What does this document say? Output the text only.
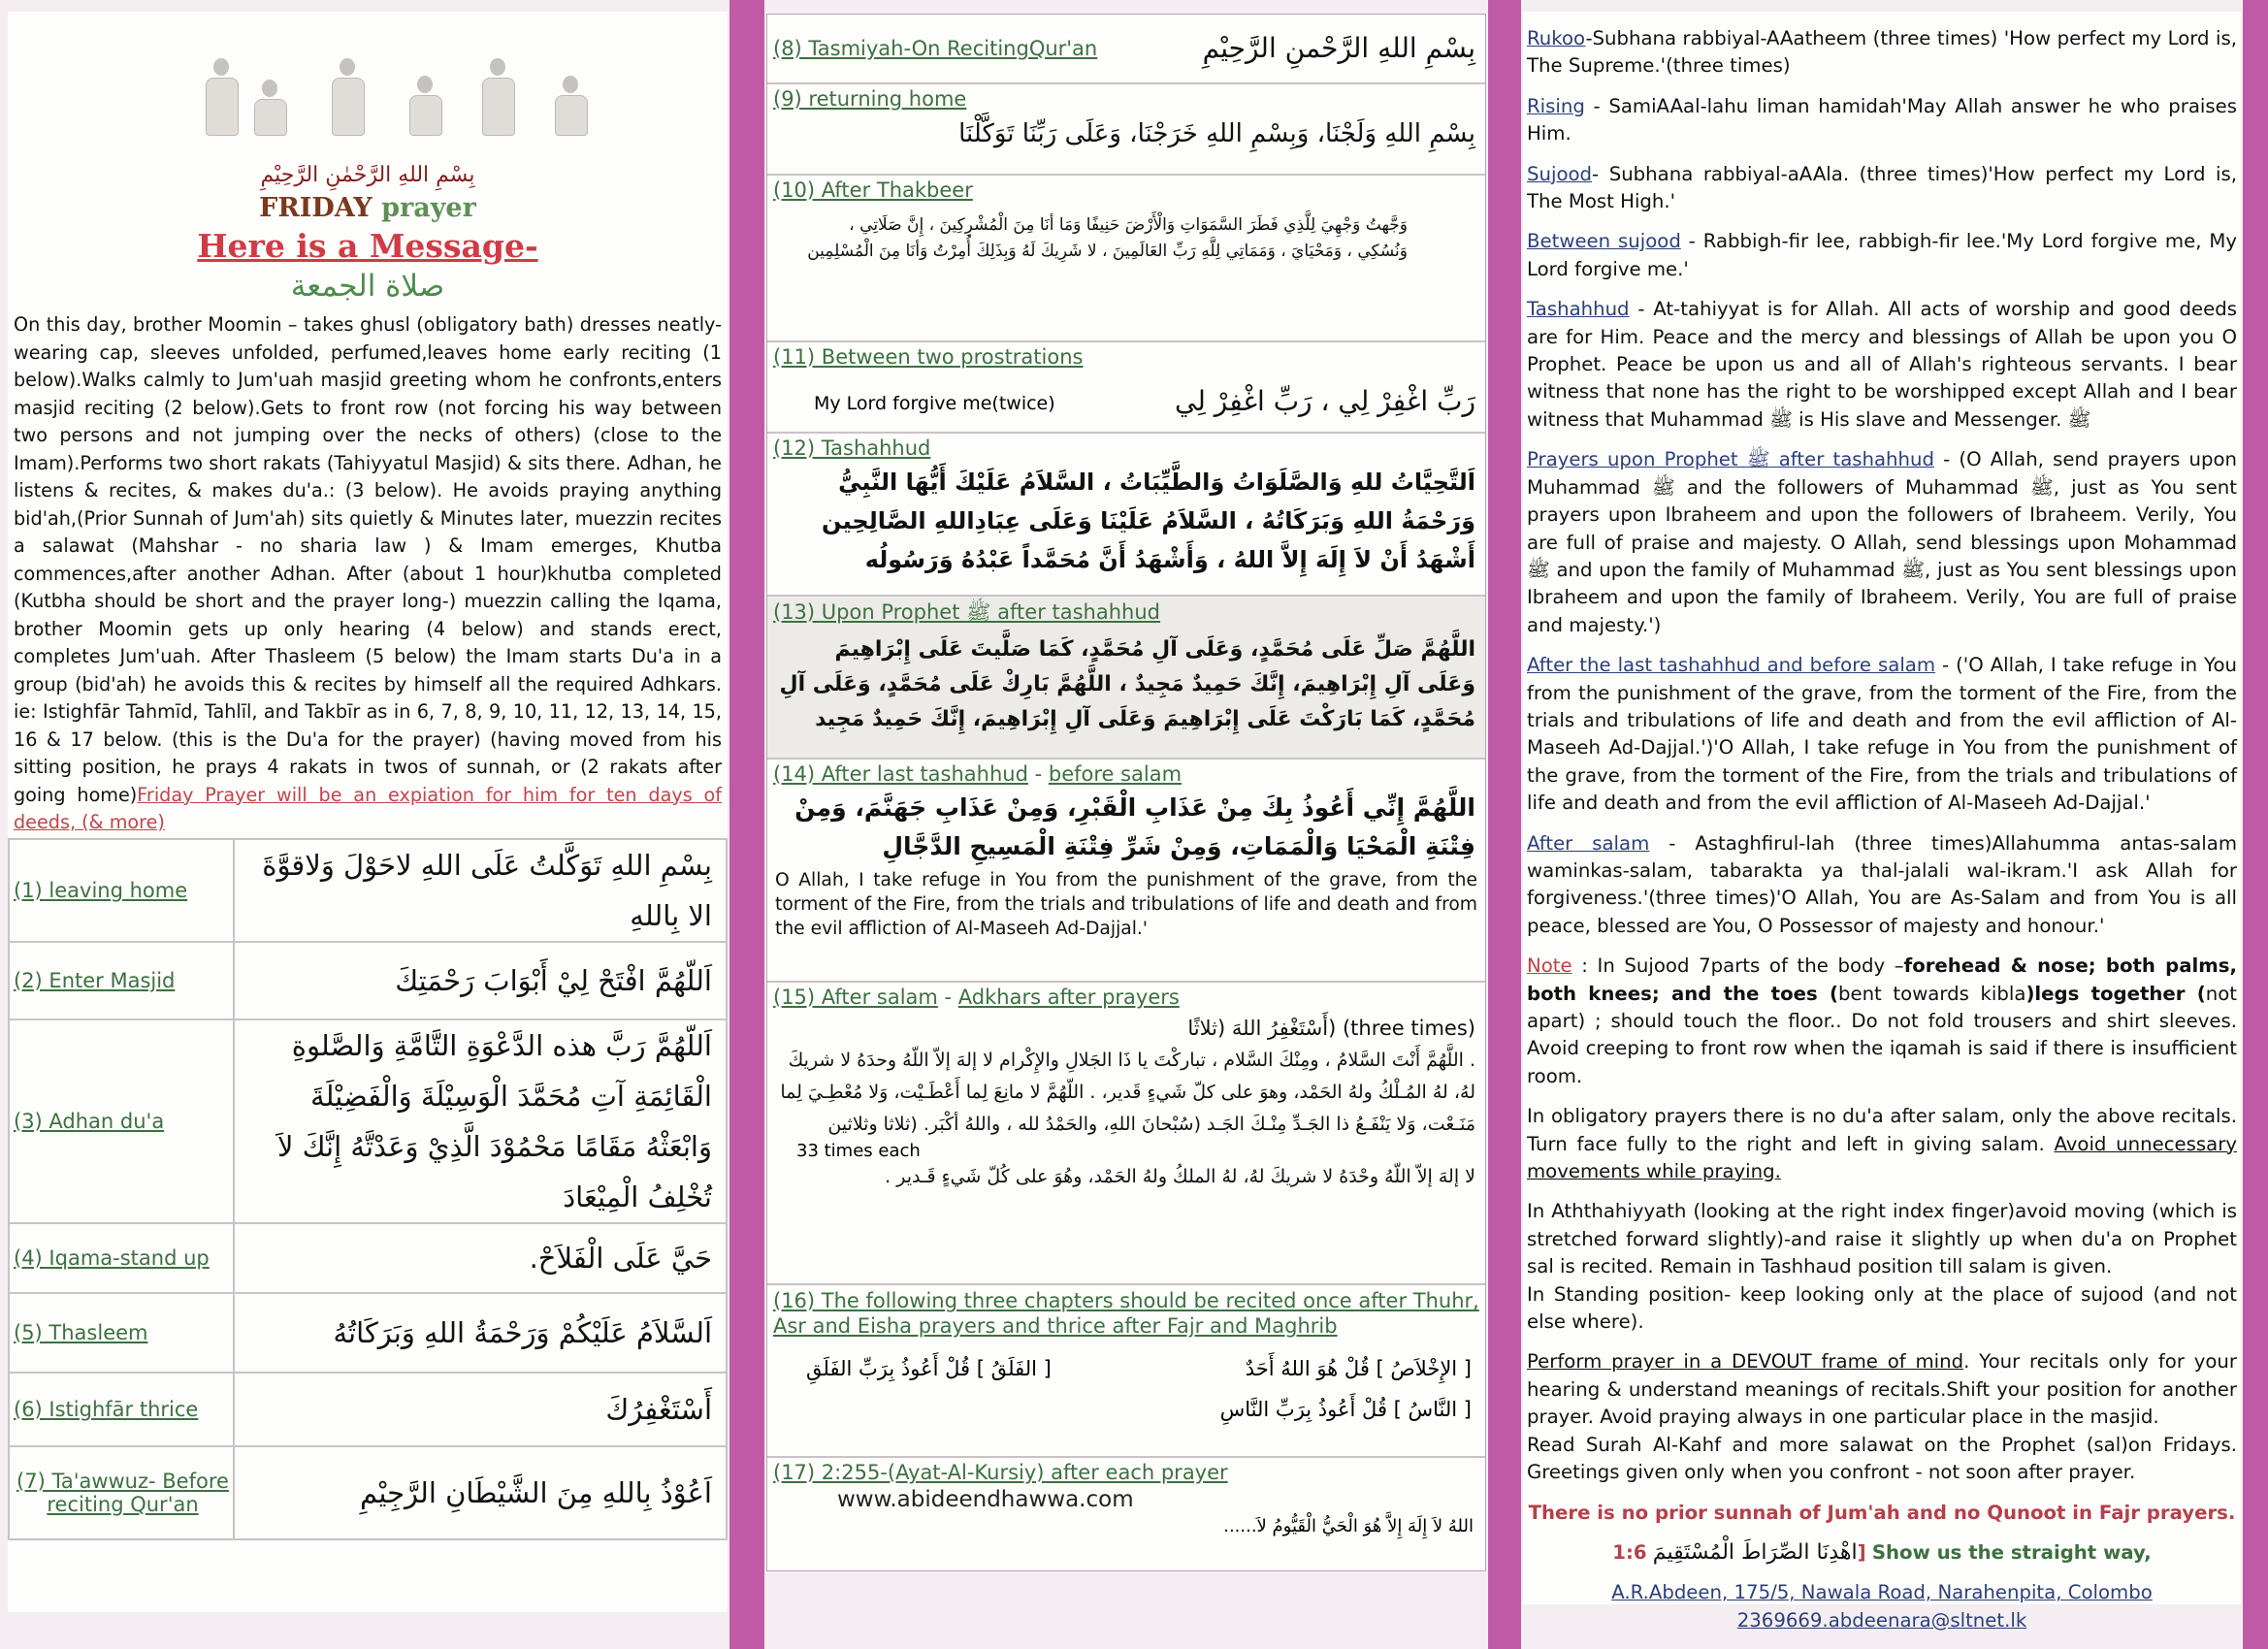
بِسْمِ اللهِ الرَّحْمٰنِ الرَّحِيْمِ
FRIDAY prayer
Here is a Message-
صلاة الجمعة
On this day, brother Moomin – takes ghusl (obligatory bath) dresses neatly-wearing cap, sleeves unfolded, perfumed,leaves home early reciting (1 below).Walks calmly to Jum'uah masjid greeting whom he confronts,enters masjid reciting (2 below).Gets to front row (not forcing his way between two persons and not jumping over the necks of others) (close to the Imam).Performs two short rakats (Tahiyyatul Masjid) & sits there. Adhan, he listens & recites, & makes du'a.: (3 below). He avoids praying anything bid'ah,(Prior Sunnah of Jum'ah) sits quietly & Minutes later, muezzin recites a salawat (Mahshar - no sharia law ) & Imam emerges, Khutba commences,after another Adhan. After (about 1 hour)khutba completed (Kutbha should be short and the prayer long-) muezzin calling the Iqama, brother Moomin gets up only hearing (4 below) and stands erect, completes Jum'uah. After Thasleem (5 below) the Imam starts Du'a in a group (bid'ah) he avoids this & recites by himself all the required Adhkars. ie: Istighfār Tahmīd, Tahlīl, and Takbīr as in 6, 7, 8, 9, 10, 11, 12, 13, 14, 15, 16 & 17 below. (this is the Du'a for the prayer) (having moved from his sitting position, he prays 4 rakats in twos of sunnah, or (2 rakats after going home)Friday Prayer will be an expiation for him for ten days of deeds, (& more)
(1) leaving home	بِسْمِ اللهِ تَوَكَّلتُ عَلَى اللهِ لاحَوْلَ وَلاقوَّةَ الا بِاللهِ
(2) Enter Masjid	اَللّهُمَّ افْتَحْ لِيْ أَبْوَابَ رَحْمَتِكَ
(3) Adhan du'a	اَللّهُمَّ رَبَّ هذه الدَّعْوَةِ التَّامَّةِ وَالصَّلوةِ الْقَائِمَةِ آتِ مُحَمَّدَ الْوَسِيْلَةَ وَالْفَضِيْلَةَ وَابْعَثْهُ مَقَامًا مَحْمُوْدَ الَّذِيْ وَعَدْتَّهُ إِنَّكَ لاَ تُخْلِفُ الْمِيْعَادَ
(4) Iqama-stand up	حَيَّ عَلَى الْفَلاَحْ.
(5) Thasleem	اَلسَّلاَمُ عَلَيْكُمْ وَرَحْمَةُ اللهِ وَبَرَكَاتُهُ
(6) Istighfār thrice	أَسْتَغْفِرُكَ
(7) Ta'awwuz- Before reciting Qur'an	اَعُوْذُ بِاللهِ مِنَ الشَّيْطَانِ الرَّجِيْمِ
(8) Tasmiyah-On RecitingQur'an	بِسْمِ اللهِ الرَّحْمنِ الرَّحِيْمِ
(9) returning home
بِسْمِ اللهِ وَلَجْنَا، وَبِسْمِ اللهِ خَرَجْنَا، وَعَلَى رَبِّنَا تَوَكَّلْنَا
(10) After Thakbeer
وَجَّهتُ وَجْهِيَ لِلَّذِي فَطَرَ السَّمَوَاتِ وَالْأَرْضَ حَنِيفًا وَمَا أنَا مِنَ الْمُشْرِكِينَ ، إِنَّ صَلَاتِي ، وَنُسُكِي ، وَمَحْيَايَ ، وَمَمَاتِي لِلَّهِ رَبِّ العَالَمِينَ ، لا شَرِيكَ لَهُ وَبِذَلِكَ أُمِرْتُ وَأنَا مِنَ الْمُسْلِمِين
(11) Between two prostrations
My Lord forgive me(twice)	رَبِّ اغْفِرْ لِي ، رَبِّ اغْفِرْ لِي
(12) Tashahhud
اَلتَّحِيَّاتُ للهِ وَالصَّلَوَاتُ وَالطَّيِّبَاتُ ، السَّلاَمُ عَلَيْكَ أَيُّهَا النَّبِيُّ وَرَحْمَةُ اللهِ وَبَرَكَاتُهُ ، السَّلاَمُ عَلَيْنَا وَعَلَى عِبَادِاللهِ الصَّالِحِين أَشْهَدُ أَنْ لاَ إِلَهَ إِلاَّ اللهُ ، وَأَشْهَدُ أَنَّ مُحَمَّداً عَبْدُهُ وَرَسُولُه
(13) Upon Prophet ﷺ after tashahhud
اللَّهُمَّ صَلِّ عَلَى مُحَمَّدٍ، وَعَلَى آلِ مُحَمَّدٍ، كَمَا صَلَّيتَ عَلَى إِبْرَاهِيمَ وَعَلَى آلِ إِبْرَاهِيمَ، إِنَّكَ حَمِيدٌ مَجِيدٌ ، اللَّهُمَّ بَارِكْ عَلَى مُحَمَّدٍ، وَعَلَى آلِ مُحَمَّدٍ، كَمَا بَارَكْتَ عَلَى إِبْرَاهِيمَ وَعَلَى آلِ إِبْرَاهِيمَ، إِنَّكَ حَمِيدٌ مَجِيد
(14) After last tashahhud - before salam
اللَّهُمَّ إِنِّي أَعُوذُ بِكَ مِنْ عَذَابِ الْقَبْرِ، وَمِنْ عَذَابِ جَهَنَّمَ، وَمِنْ فِتْنَةِ الْمَحْيَا وَالْمَمَاتِ، وَمِنْ شَرِّ فِتْنَةِ الْمَسِيحِ الدَّجَّالِ
O Allah, I take refuge in You from the punishment of the grave, from the torment of the Fire, from the trials and tribulations of life and death and from the evil affliction of Al-Maseeh Ad-Dajjal.'
(15) After salam - Adkhars after prayers
(three times) (أَسْتَغْفِرُ اللهَ (ثلاثًا
. اللَّهُمَّ أَنْتَ السَّلامُ ، ومِنْكَ السَّلام ، تباركْتَ يا ذَا الجَلالِ والإِكْرام لا إلهَ إلاّ اللّهُ وحدَهُ لا شريكَ لهُ، لهُ المُـلْكُ ولهُ الحَمْد، وهوَ على كلّ شَيءٍ قَدير، . اللّهُمَّ لا مانِعَ لِما أَعْطَـيْت، وَلا مُعْطِـيَ لِما مَنَـعْت، وَلا يَنْفَـعُ ذا الجَـدِّ مِنْـكَ الجَـد (سُبْحانَ اللهِ، والحَمْدُ لله ، واللهُ أكْبَر. (ثلاثا وثلاثين
33 times each
لا إلهَ إلاّ اللّهُ وحْدَهُ لا شريكَ لهُ، لهُ الملكُ ولهُ الحَمْد، وهُوَ على كُلّ شَيءٍ قَـدير .
(16) The following three chapters should be recited once after Thuhr, Asr and Eisha prayers and thrice after Fajr and Maghrib
[ الإِخْلاَصُ ] قُلْ هُوَ اللهُ أَحَدٌ
[ الفَلَقُ ] قُلْ أَعُوذُ بِرَبِّ الفَلَقِ
[ النَّاسُ ] قُلْ أَعُوذُ بِرَبِّ النَّاسِ
(17) 2:255-(Ayat-Al-Kursiy) after each prayer
www.abideendhawwa.com
اللهُ لاَ إِلَهَ إِلاَّ هُوَ الْحَيُّ الْقَيُّومُ لاَ......

Rukoo-Subhana rabbiyal-AAatheem (three times) 'How perfect my Lord is, The Supreme.'(three times)

Rising - SamiAAal-lahu liman hamidah'May Allah answer he who praises Him.

Sujood- Subhana rabbiyal-aAAla. (three times)'How perfect my Lord is, The Most High.'

Between sujood - Rabbigh-fir lee, rabbigh-fir lee.'My Lord forgive me, My Lord forgive me.'

Tashahhud - At-tahiyyat is for Allah. All acts of worship and good deeds are for Him. Peace and the mercy and blessings of Allah be upon you O Prophet. Peace be upon us and all of Allah's righteous servants. I bear witness that none has the right to be worshipped except Allah and I bear witness that Muhammad ﷺ is His slave and Messenger. ﷺ

Prayers upon Prophet ﷺ after tashahhud - (O Allah, send prayers upon Muhammad ﷺ and the followers of Muhammad ﷺ, just as You sent prayers upon Ibraheem and upon the followers of Ibraheem. Verily, You are full of praise and majesty. O Allah, send blessings upon Mohammad ﷺ and upon the family of Muhammad ﷺ, just as You sent blessings upon Ibraheem and upon the family of Ibraheem. Verily, You are full of praise and majesty.')

After the last tashahhud and before salam - ('O Allah, I take refuge in You from the punishment of the grave, from the torment of the Fire, from the trials and tribulations of life and death and from the evil affliction of Al-Maseeh Ad-Dajjal.')'O Allah, I take refuge in You from the punishment of the grave, from the torment of the Fire, from the trials and tribulations of life and death and from the evil affliction of Al-Maseeh Ad-Dajjal.'

After salam - Astaghfirul-lah (three times)Allahumma antas-salam waminkas-salam, tabarakta ya thal-jalali wal-ikram.'I ask Allah for forgiveness.'(three times)'O Allah, You are As-Salam and from You is all peace, blessed are You, O Possessor of majesty and honour.'

Note : In Sujood 7parts of the body –forehead & nose; both palms, both knees; and the toes (bent towards kibla)legs together (not apart) ; should touch the floor.. Do not fold trousers and shirt sleeves. Avoid creeping to front row when the iqamah is said if there is insufficient room.

In obligatory prayers there is no du'a after salam, only the above recitals. Turn face fully to the right and left in giving salam. Avoid unnecessary movements while praying.

In Aththahiyyath (looking at the right index finger)avoid moving (which is stretched forward slightly)-and raise it slightly up when du'a on Prophet sal is recited. Remain in Tashhaud position till salam is given.

In Standing position- keep looking only at the place of sujood (and not else where).

Perform prayer in a DEVOUT frame of mind. Your recitals only for your hearing & understand meanings of recitals.Shift your position for another prayer. Avoid praying always in one particular place in the masjid.

Read Surah Al-Kahf and more salawat on the Prophet (sal)on Fridays. Greetings given only when you confront - not soon after prayer.

There is no prior sunnah of Jum'ah and no Qunoot in Fajr prayers.

اهْدِنَا الصِّرَاطَ الْمُسْتَقِيمَ 1:6] Show us the straight way,

A.R.Abdeen, 175/5, Nawala Road, Narahenpita, Colombo

2369669.abdeenara@sltnet.lk
